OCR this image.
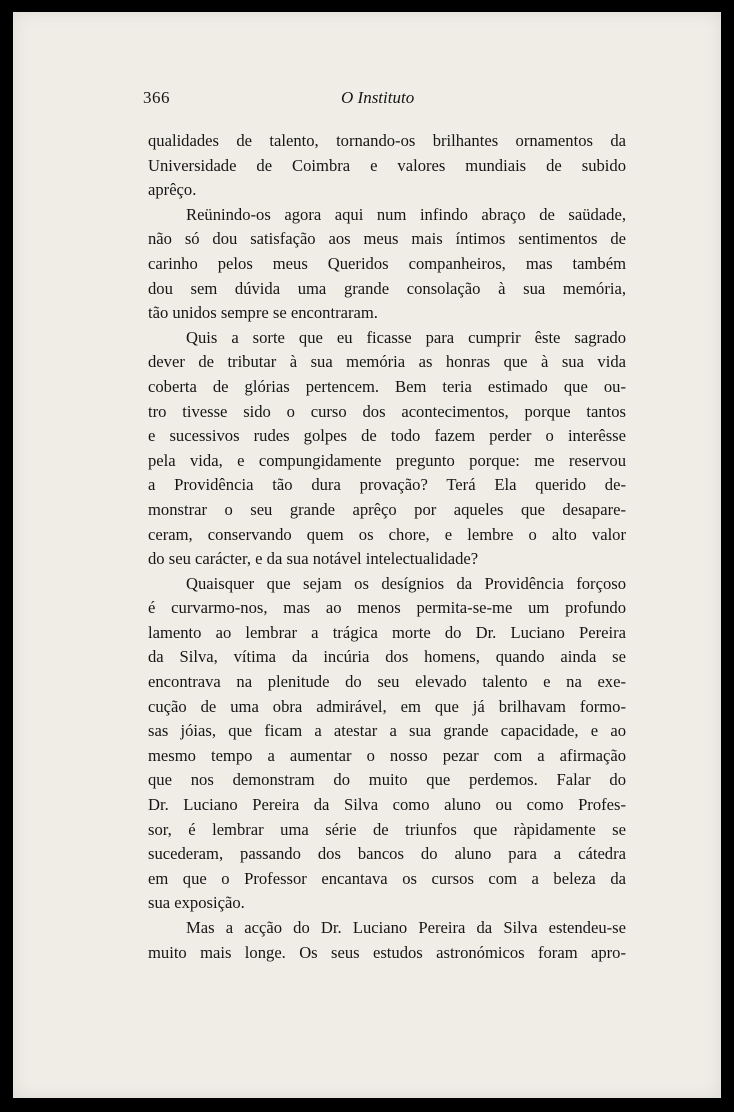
366	O Instituto

qualidades de talento, tornando-os brilhantes ornamentos da
Universidade de Coimbra e valores mundiais de subido
aprêço.

Reünindo-os agora aqui num infindo abraço de saüdade,
não só dou satisfação aos meus mais íntimos sentimentos de
carinho pelos meus Queridos companheiros, mas também
dou sem dúvida uma grande consolação à sua memória,
tão unidos sempre se encontraram.

Quis a sorte que eu ficasse para cumprir êste sagrado
dever de tributar à sua memória as honras que à sua vida
coberta de glórias pertencem. Bem teria estimado que ou-
tro tivesse sido o curso dos acontecimentos, porque tantos
e sucessivos rudes golpes de todo fazem perder o interêsse
pela vida, e compungidamente pregunto porque: me reservou
a Providência tão dura provação? Terá Ela querido de-
monstrar o seu grande aprêço por aqueles que desapare-
ceram, conservando quem os chore, e lembre o alto valor
do seu carácter, e da sua notável intelectualidade?

Quaisquer que sejam os desígnios da Providência forçoso
é curvarmo-nos, mas ao menos permita-se-me um profundo
lamento ao lembrar a trágica morte do Dr. Luciano Pereira
da Silva, vítima da incúria dos homens, quando ainda se
encontrava na plenitude do seu elevado talento e na exe-
cução de uma obra admirável, em que já brilhavam formo-
sas jóias, que ficam a atestar a sua grande capacidade, e ao
mesmo tempo a aumentar o nosso pezar com a afirmação
que nos demonstram do muito que perdemos. Falar do
Dr. Luciano Pereira da Silva como aluno ou como Profes-
sor, é lembrar uma série de triunfos que ràpidamente se
sucederam, passando dos bancos do aluno para a cátedra
em que o Professor encantava os cursos com a beleza da
sua exposição.

Mas a acção do Dr. Luciano Pereira da Silva estendeu-se
muito mais longe. Os seus estudos astronómicos foram apro-
